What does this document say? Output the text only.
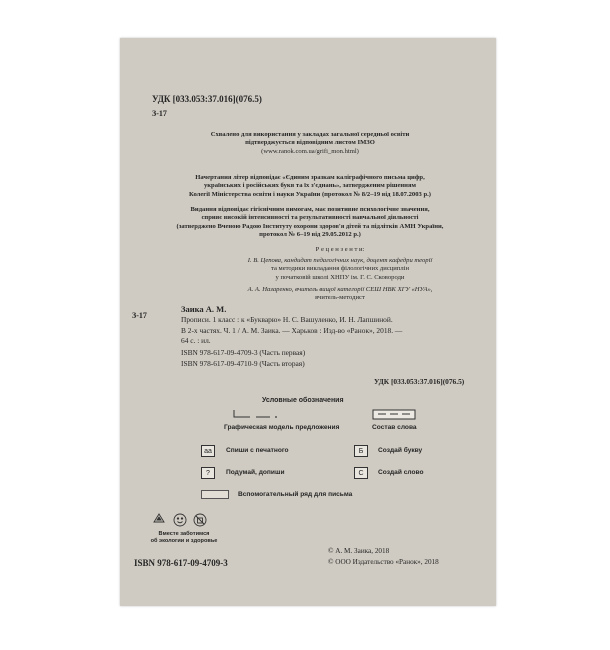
УДК [033.053:37.016](076.5)
З-17
Схвалено для використання у закладах загальної середньої освіти
підтверджується відповідним листом ІМЗО
(www.ranok.com.ua/grifi_mon.html)
Начертания літер відповідає «Єдиним зразкам каліграфічного письма цифр,
українських і російських букв та їх з'єднань», затвердженим рішенням
Колегії Міністерства освіти і науки України (протокол № 8/2–19 від 18.07.2003 р.)
Видання відповідає гігієнічним вимогам, має позитивне психологічне значення,
сприяє високій інтенсивності та результативності навчальної діяльності
(затверджено Вченою Радою Інституту охорони здоров'я дітей та підлітків АМН України,
протокол № 6–19 від 29.05.2012 р.)
Р е ц е н з е н т и:
І. В. Цепова, кандидат педагогічних наук, доцент кафедри теорії
та методики викладання філологічних дисциплін
у початковій школі ХНПУ ім. Г. С. Сковороди
А. А. Назаренко, вчитель вищої категорії СЕШ НВК ХГУ «НУА»,
вчитель-методист
З-17
Заика А. М.
Прописи. 1 класс : к «Букварю» Н. С. Вашуленко, И. Н. Лапшиной.
В 2-х частях. Ч. 1 / А. М. Заика. — Харьков : Изд-во «Ранок», 2018. —
64 с. : ил.
ISBN 978-617-09-4709-3 (Часть первая)
ISBN 978-617-09-4710-9 (Часть вторая)
УДК [033.053:37.016](076.5)
Условные обозначения
Графическая модель предложения	Состав слова
аа	Спиши с печатного	Б	Создай букву
?	Подумай, допиши	С	Создай слово
Вспомогательный ряд для письма
Вместе заботимся
об экологии и здоровье
ISBN 978-617-09-4709-3
© А. М. Заика, 2018
© ООО Издательство «Ранок», 2018
